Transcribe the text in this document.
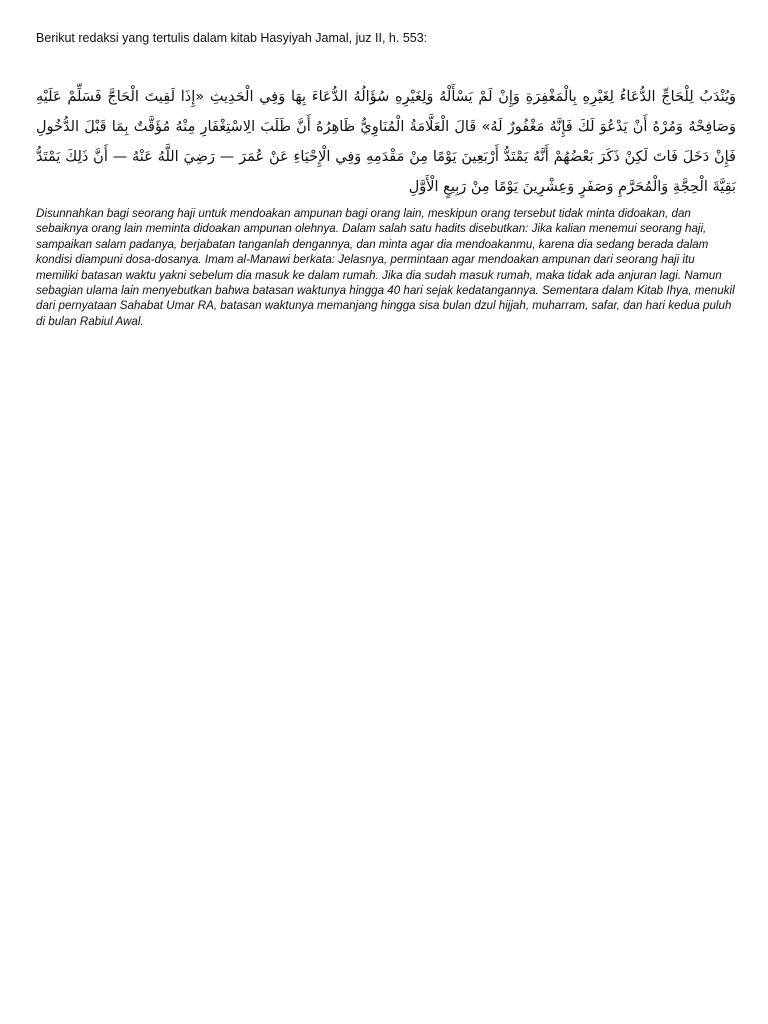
Berikut redaksi yang tertulis dalam kitab Hasyiyah Jamal, juz II, h. 553:

وَيُنْدَبُ لِلْحَاجِّ الدُّعَاءُ لِغَيْرِهِ بِالْمَغْفِرَةِ وَإِنْ لَمْ يَسْأَلْهُ وَلِغَيْرِهِ سُؤَالُهُ الدُّعَاءَ بِهَا وَفِي الْحَدِيثِ «إِذَا لَقِيتَ الْحَاجَّ فَسَلِّمْ عَلَيْهِ وَصَافِحْهُ وَمُرْهُ أَنْ يَدْعُوَ لَكَ فَإِنَّهُ مَغْفُورٌ لَهُ» قَالَ الْعَلَّامَةُ الْمُنَاوِيُّ ظَاهِرُهُ أَنَّ طَلَبَ الِاسْتِغْفَارِ مِنْهُ مُؤَقَّتٌ بِمَا قَبْلَ الدُّخُولِ فَإِنْ دَخَلَ فَاتَ لَكِنْ ذَكَرَ بَعْضُهُمْ أَنَّهُ يَمْتَدُّ أَرْبَعِينَ يَوْمًا مِنْ مَقْدَمِهِ وَفِي الْإِحْيَاءِ عَنْ عُمَرَ — رَضِيَ اللَّهُ عَنْهُ — أَنَّ ذَلِكَ يَمْتَدُّ بَقِيَّةَ الْحِجَّةِ وَالْمُحَرَّمِ وَصَفَرٍ وَعِشْرِينَ يَوْمًا مِنْ رَبِيعٍ الْأَوَّلِ

Disunnahkan bagi seorang haji untuk mendoakan ampunan bagi orang lain, meskipun orang tersebut tidak minta didoakan, dan sebaiknya orang lain meminta didoakan ampunan olehnya. Dalam salah satu hadits disebutkan: Jika kalian menemui seorang haji, sampaikan salam padanya, berjabatan tanganlah dengannya, dan minta agar dia mendoakanmu, karena dia sedang berada dalam kondisi diampuni dosa-dosanya. Imam al-Manawi berkata: Jelasnya, permintaan agar mendoakan ampunan dari seorang haji itu memiliki batasan waktu yakni sebelum dia masuk ke dalam rumah. Jika dia sudah masuk rumah, maka tidak ada anjuran lagi. Namun sebagian ulama lain menyebutkan bahwa batasan waktunya hingga 40 hari sejak kedatangannya. Sementara dalam Kitab Ihya, menukil dari pernyataan Sahabat Umar RA, batasan waktunya memanjang hingga sisa bulan dzul hijjah, muharram, safar, dan hari kedua puluh di bulan Rabiul Awal.
